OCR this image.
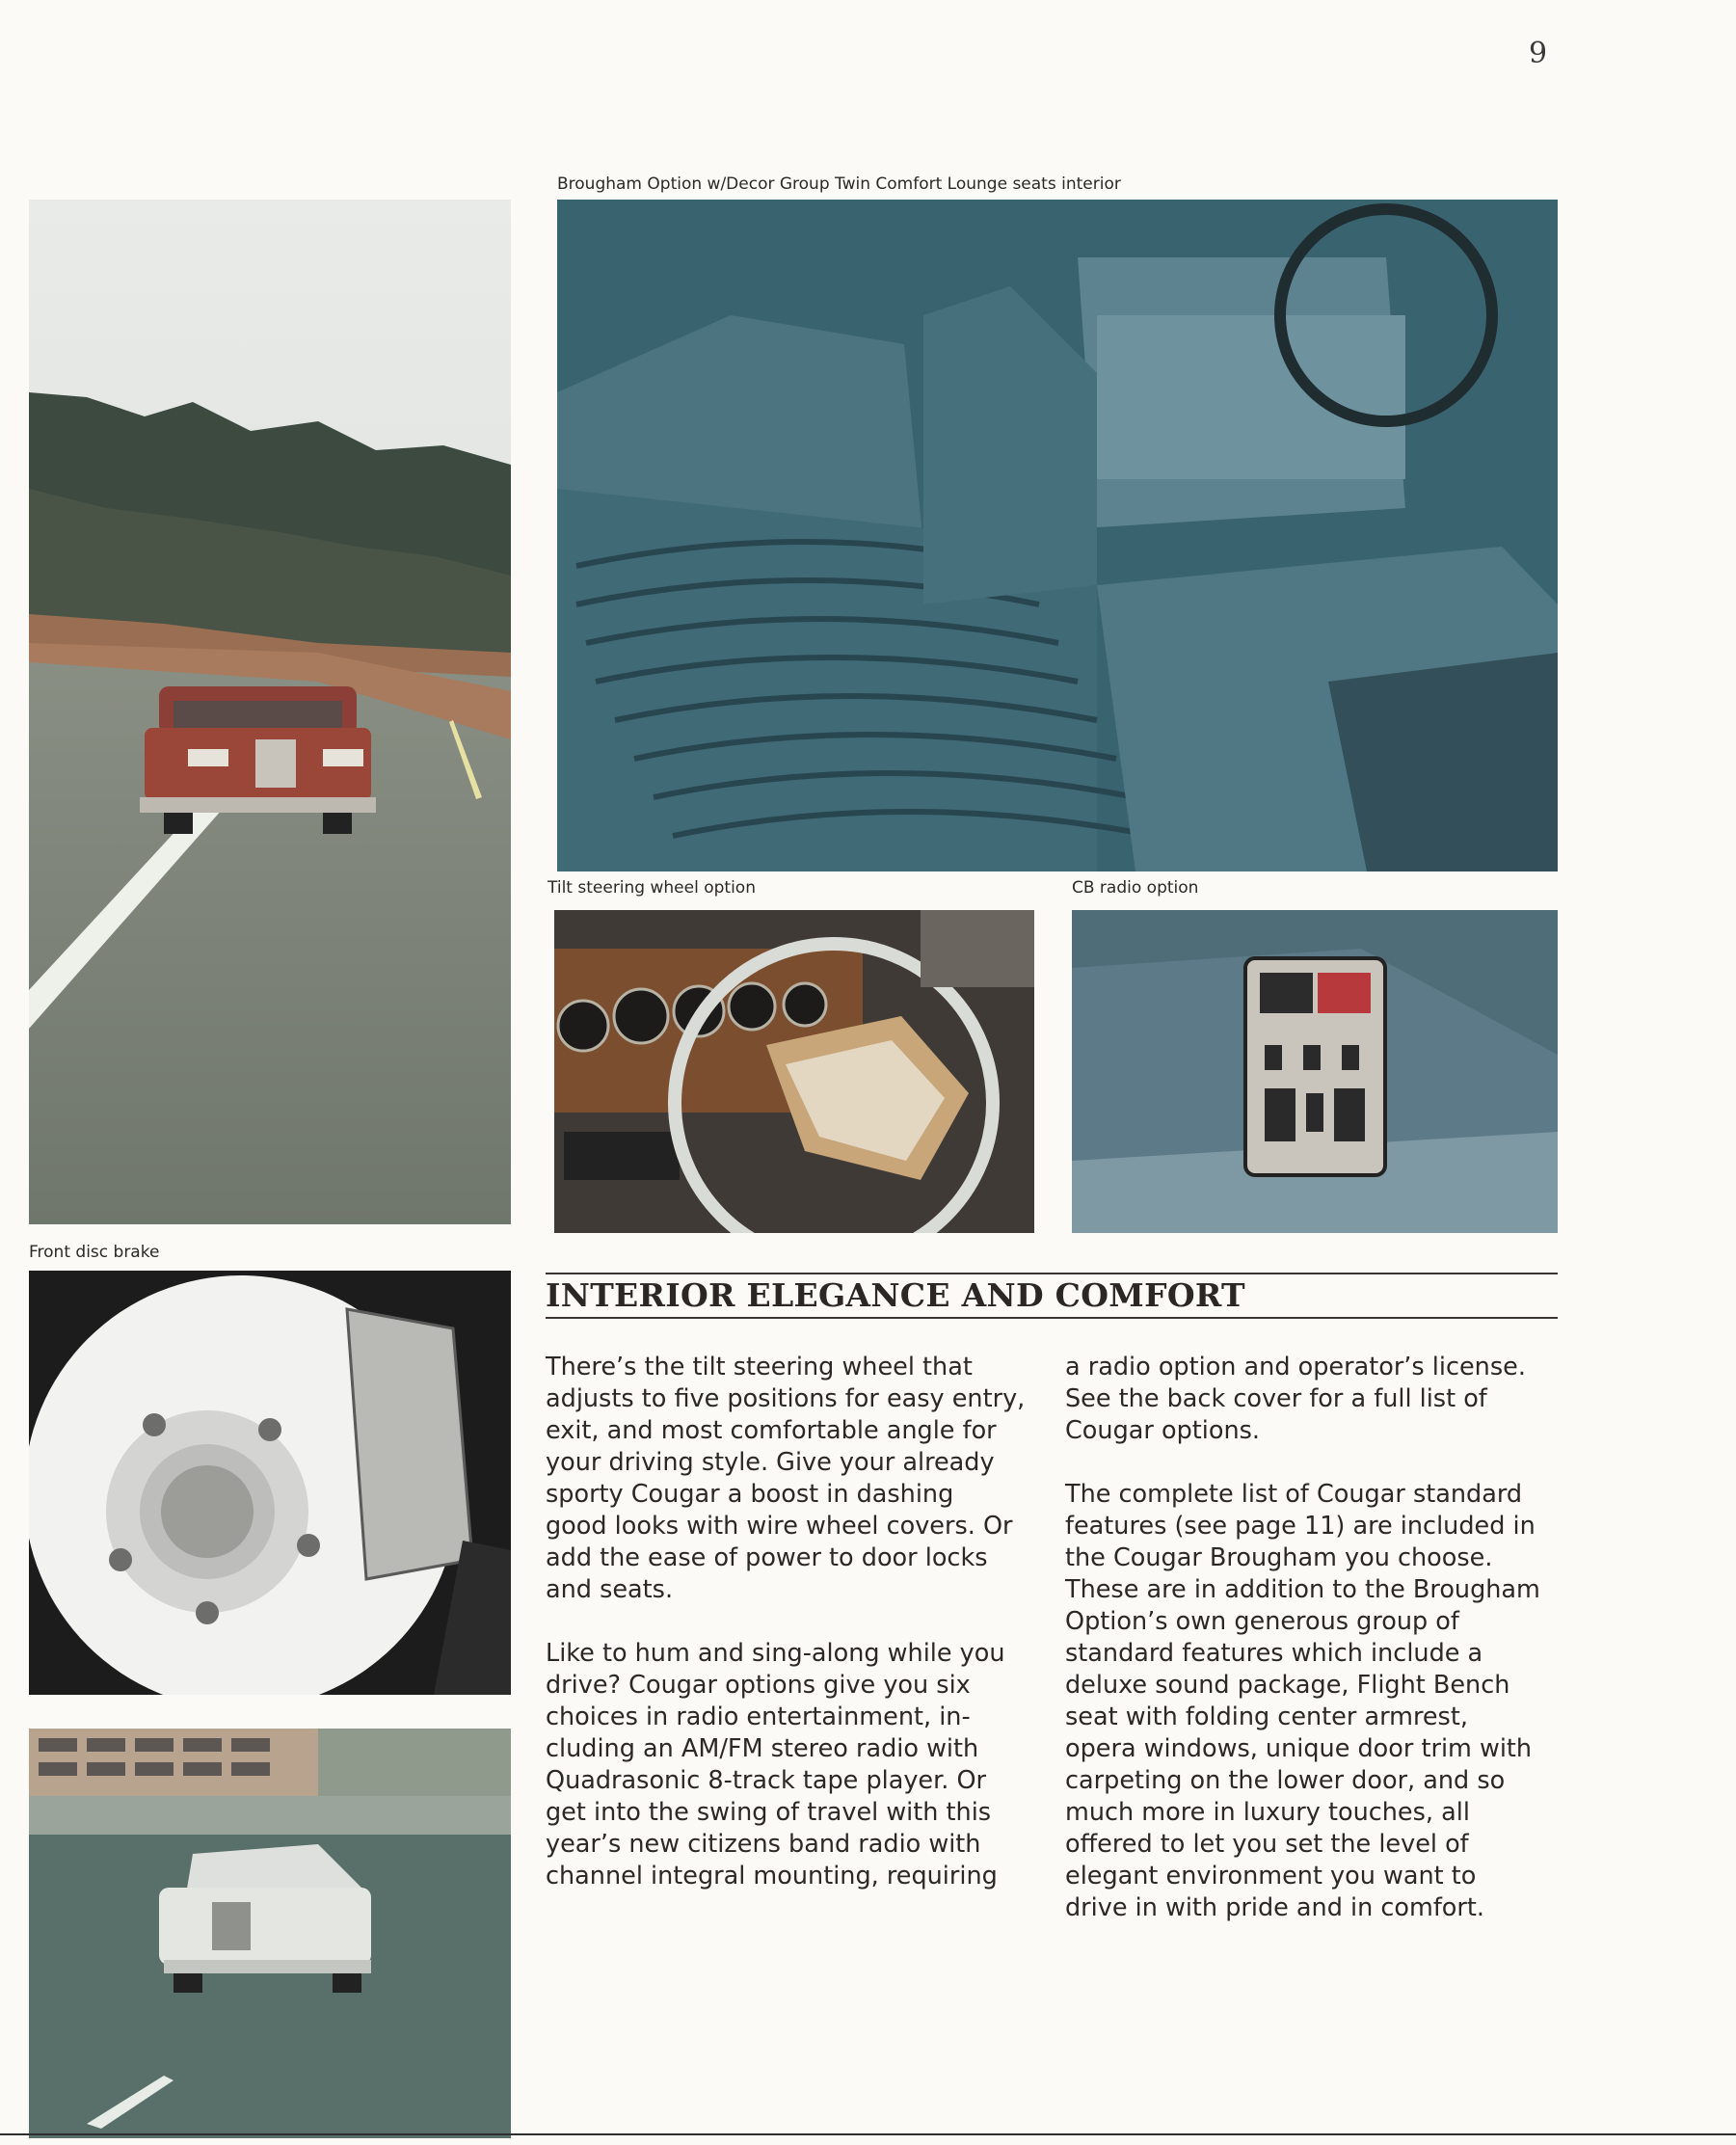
9
Brougham Option w/Decor Group Twin Comfort Lounge seats interior
Tilt steering wheel option	CB radio option
Front disc brake
INTERIOR ELEGANCE AND COMFORT

There’s the tilt steering wheel that
adjusts to five positions for easy entry,
exit, and most comfortable angle for
your driving style. Give your already
sporty Cougar a boost in dashing
good looks with wire wheel covers. Or
add the ease of power to door locks
and seats.

Like to hum and sing-along while you
drive? Cougar options give you six
choices in radio entertainment, in-
cluding an AM/FM stereo radio with
Quadrasonic 8-track tape player. Or
get into the swing of travel with this
year’s new citizens band radio with
channel integral mounting, requiring

a radio option and operator’s license.
See the back cover for a full list of
Cougar options.

The complete list of Cougar standard
features (see page 11) are included in
the Cougar Brougham you choose.
These are in addition to the Brougham
Option’s own generous group of
standard features which include a
deluxe sound package, Flight Bench
seat with folding center armrest,
opera windows, unique door trim with
carpeting on the lower door, and so
much more in luxury touches, all
offered to let you set the level of
elegant environment you want to
drive in with pride and in comfort.
